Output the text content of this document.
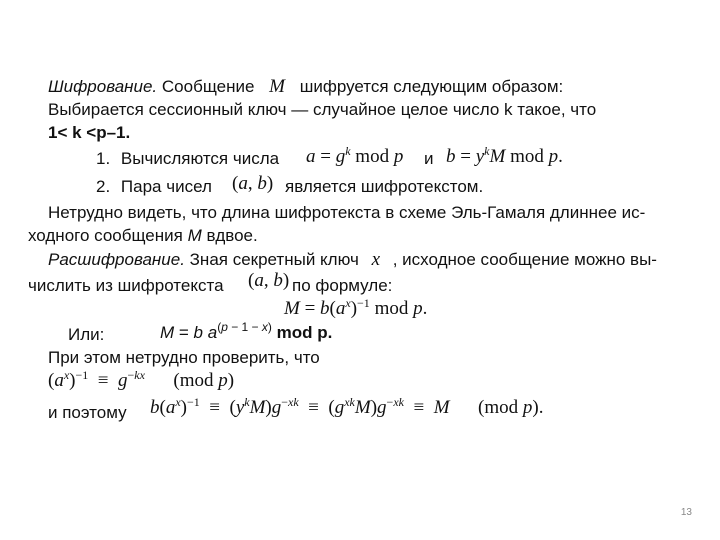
Шифрование. Сообщение M шифруется следующим образом:
Выбирается сессионный ключ — случайное целое число k такое, что
1< k <p–1.
1. Вычисляются числа $a = g^k$ mod p и $b = y^kM$ mod p.
2. Пара чисел (a, b) является шифротекстом.
Нетрудно видеть, что длина шифротекста в схеме Эль-Гамаля длиннее ис-
ходного сообщения M вдвое.
Расшифрование. Зная секретный ключ x , исходное сообщение можно вы-
числить из шифротекста (a, b) по формуле:
$M = b(a^x)^{-1}$ mod p.
Или:	M = b $a^{(p - 1 - x)}$ mod p.
При этом нетрудно проверить, что
$(a^x)^{-1} \equiv g^{-kx}$      (mod p)
и поэтому $b(a^x)^{-1} \equiv (y^kM)g^{-xk} \equiv (g^{xk}M)g^{-xk} \equiv M$      (mod p).
13
